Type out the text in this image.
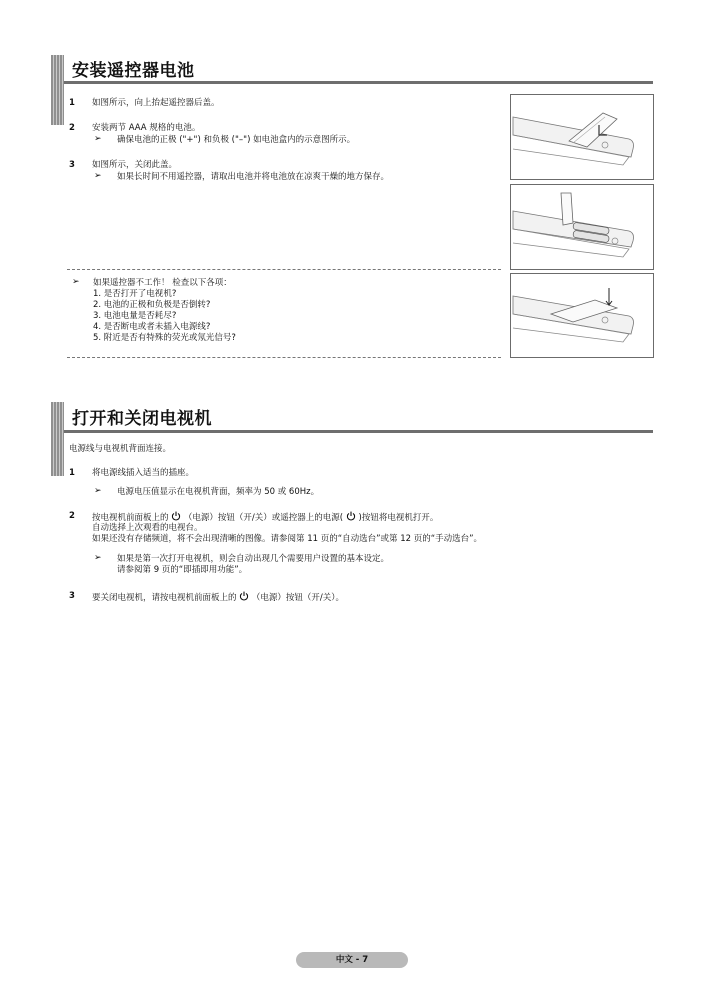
安装遥控器电池
1 如图所示，向上抬起遥控器后盖。
2 安装两节 AAA 规格的电池。
➢ 确保电池的正极 ("+") 和负极 ("–") 如电池盒内的示意图所示。
3 如图所示，关闭此盖。
➢ 如果长时间不用遥控器，请取出电池并将电池放在凉爽干燥的地方保存。
➢ 如果遥控器不工作！ 检查以下各项：
1. 是否打开了电视机?
2. 电池的正极和负极是否倒转?
3. 电池电量是否耗尽?
4. 是否断电或者未插入电源线?
5. 附近是否有特殊的荧光或氖光信号?
打开和关闭电视机
电源线与电视机背面连接。
1 将电源线插入适当的插座。
➢ 电源电压值显示在电视机背面，频率为 50 或 60Hz。
2 按电视机前面板上的 （电源）按钮（开/关）或遥控器上的电源( )按钮将电视机打开。
自动选择上次观看的电视台。
如果还没有存储频道，将不会出现清晰的图像。请参阅第 11 页的“自动选台”或第 12 页的“手动选台”。
➢ 如果是第一次打开电视机，则会自动出现几个需要用户设置的基本设定。
请参阅第 9 页的“即插即用功能”。
3 要关闭电视机，请按电视机前面板上的 （电源）按钮（开/关）。
中文 - 7
